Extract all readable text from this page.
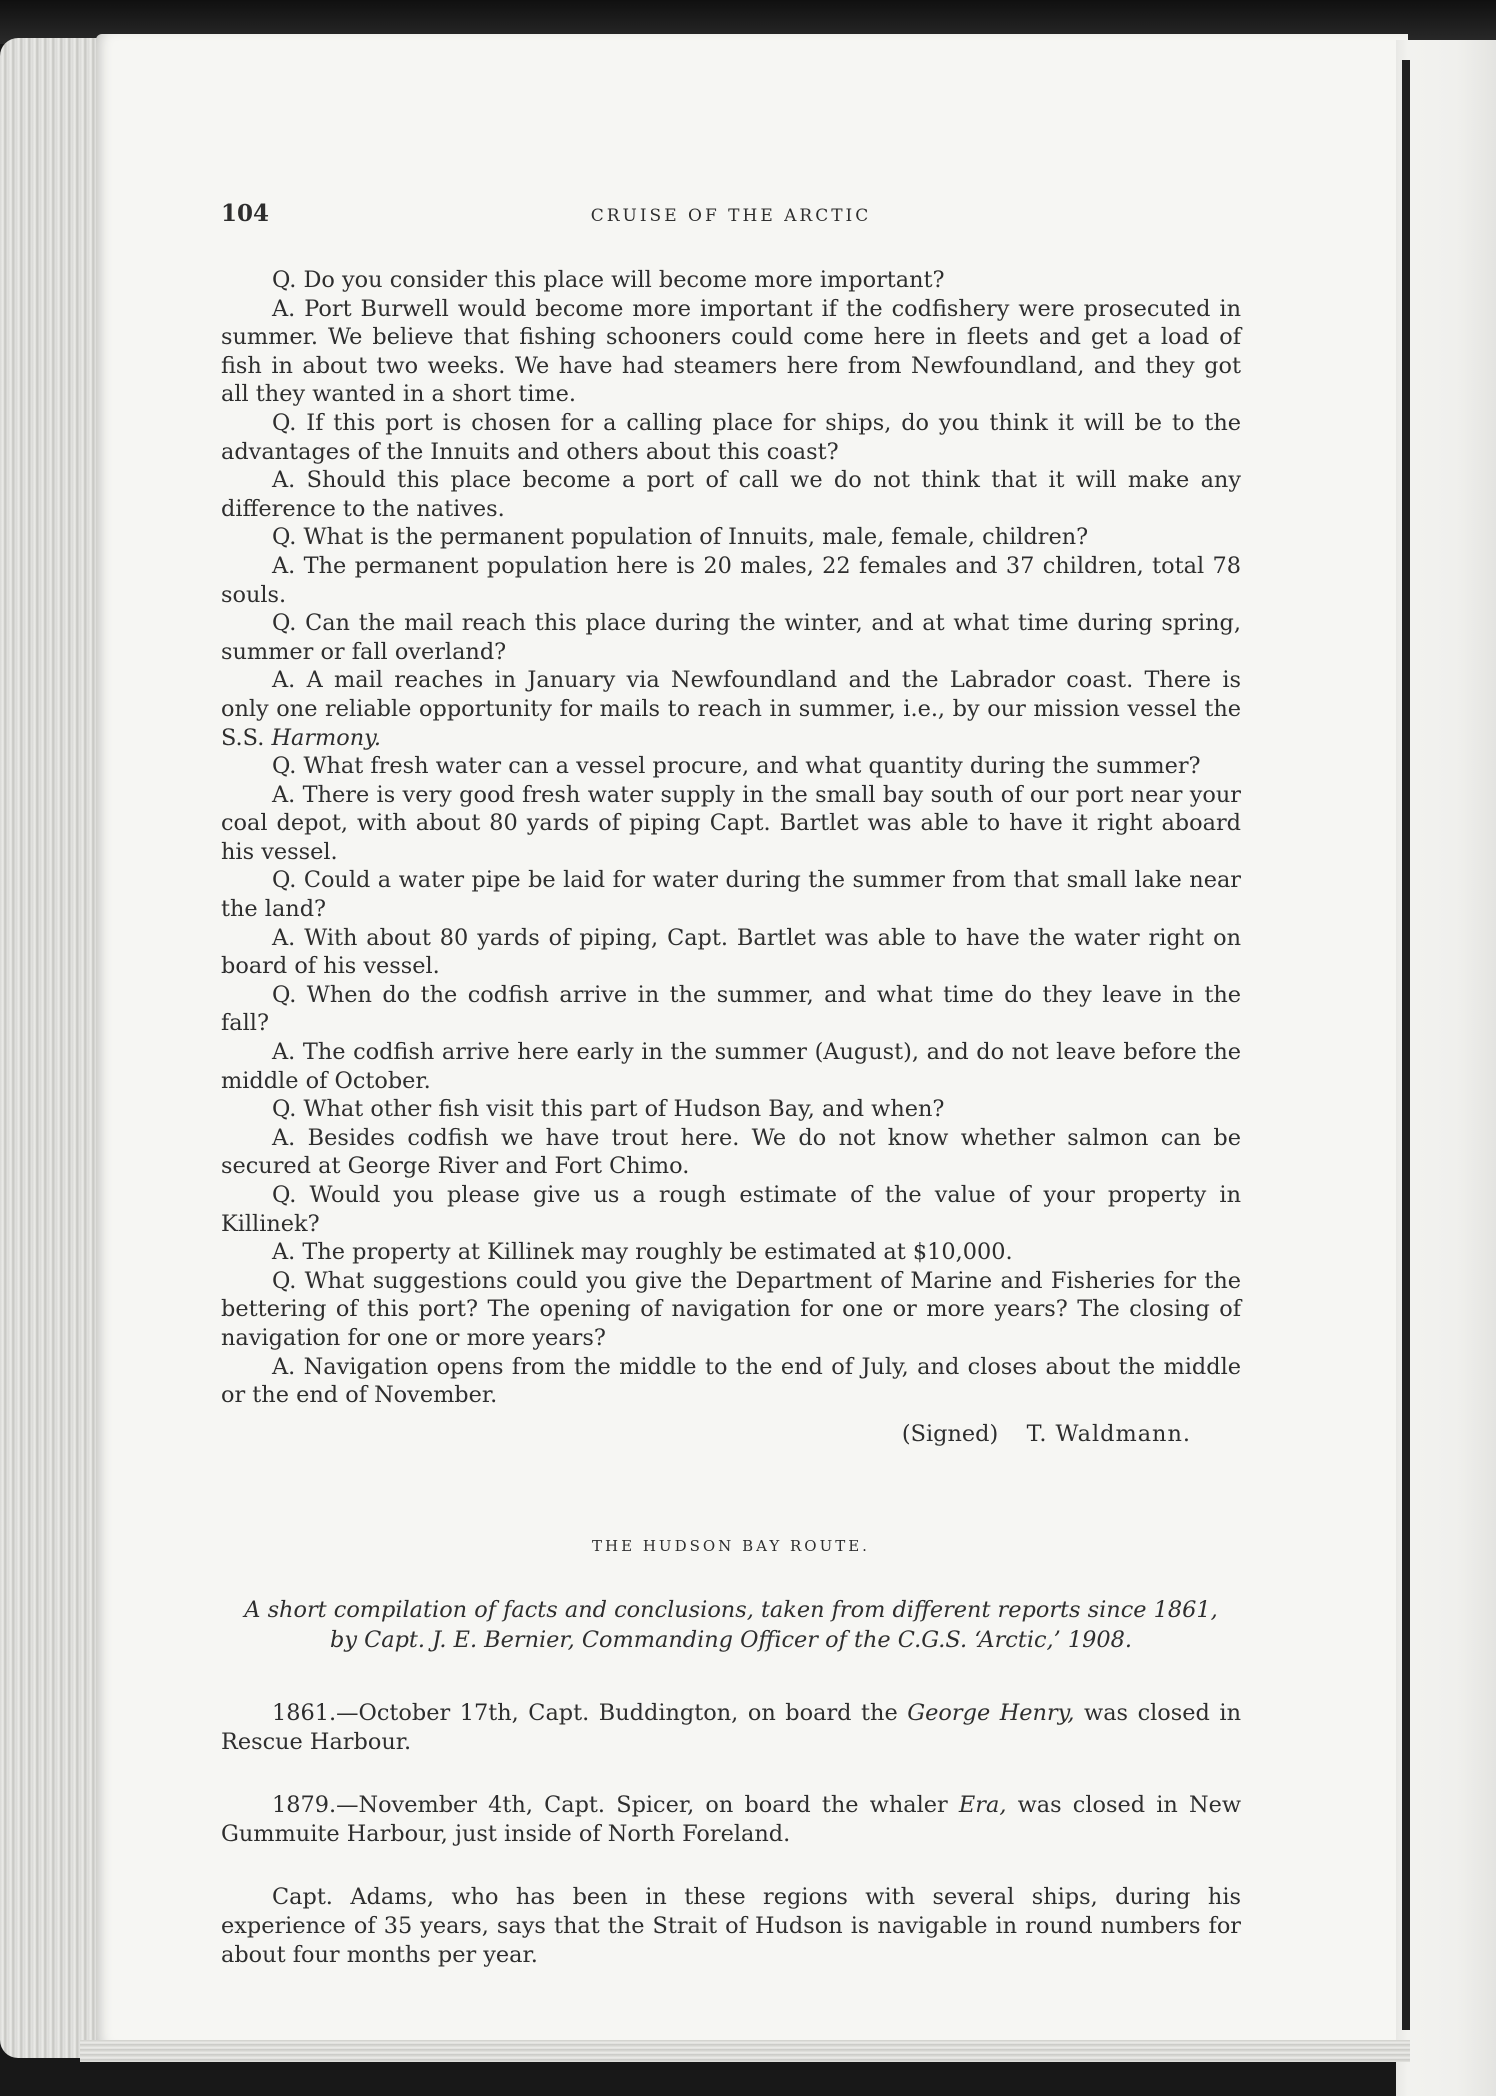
104	CRUISE OF THE ARCTIC

Q. Do you consider this place will become more important?

A. Port Burwell would become more important if the codfishery were prosecuted in summer. We believe that fishing schooners could come here in fleets and get a load of fish in about two weeks. We have had steamers here from Newfoundland, and they got all they wanted in a short time.

Q. If this port is chosen for a calling place for ships, do you think it will be to the advantages of the Innuits and others about this coast?

A. Should this place become a port of call we do not think that it will make any difference to the natives.

Q. What is the permanent population of Innuits, male, female, children?

A. The permanent population here is 20 males, 22 females and 37 children, total 78 souls.

Q. Can the mail reach this place during the winter, and at what time during spring, summer or fall overland?

A. A mail reaches in January via Newfoundland and the Labrador coast. There is only one reliable opportunity for mails to reach in summer, i.e., by our mission vessel the S.S. Harmony.

Q. What fresh water can a vessel procure, and what quantity during the summer?

A. There is very good fresh water supply in the small bay south of our port near your coal depot, with about 80 yards of piping Capt. Bartlet was able to have it right aboard his vessel.

Q. Could a water pipe be laid for water during the summer from that small lake near the land?

A. With about 80 yards of piping, Capt. Bartlet was able to have the water right on board of his vessel.

Q. When do the codfish arrive in the summer, and what time do they leave in the fall?

A. The codfish arrive here early in the summer (August), and do not leave before the middle of October.

Q. What other fish visit this part of Hudson Bay, and when?

A. Besides codfish we have trout here. We do not know whether salmon can be secured at George River and Fort Chimo.

Q. Would you please give us a rough estimate of the value of your property in Killinek?

A. The property at Killinek may roughly be estimated at $10,000.

Q. What suggestions could you give the Department of Marine and Fisheries for the bettering of this port? The opening of navigation for one or more years? The closing of navigation for one or more years?

A. Navigation opens from the middle to the end of July, and closes about the middle or the end of November.

(Signed) T. Waldmann.

THE HUDSON BAY ROUTE.

A short compilation of facts and conclusions, taken from different reports since 1861,
by Capt. J. E. Bernier, Commanding Officer of the C.G.S. ‘Arctic,’ 1908.

1861.—October 17th, Capt. Buddington, on board the George Henry, was closed in Rescue Harbour.

1879.—November 4th, Capt. Spicer, on board the whaler Era, was closed in New Gummuite Harbour, just inside of North Foreland.

Capt. Adams, who has been in these regions with several ships, during his experience of 35 years, says that the Strait of Hudson is navigable in round numbers for about four months per year.
